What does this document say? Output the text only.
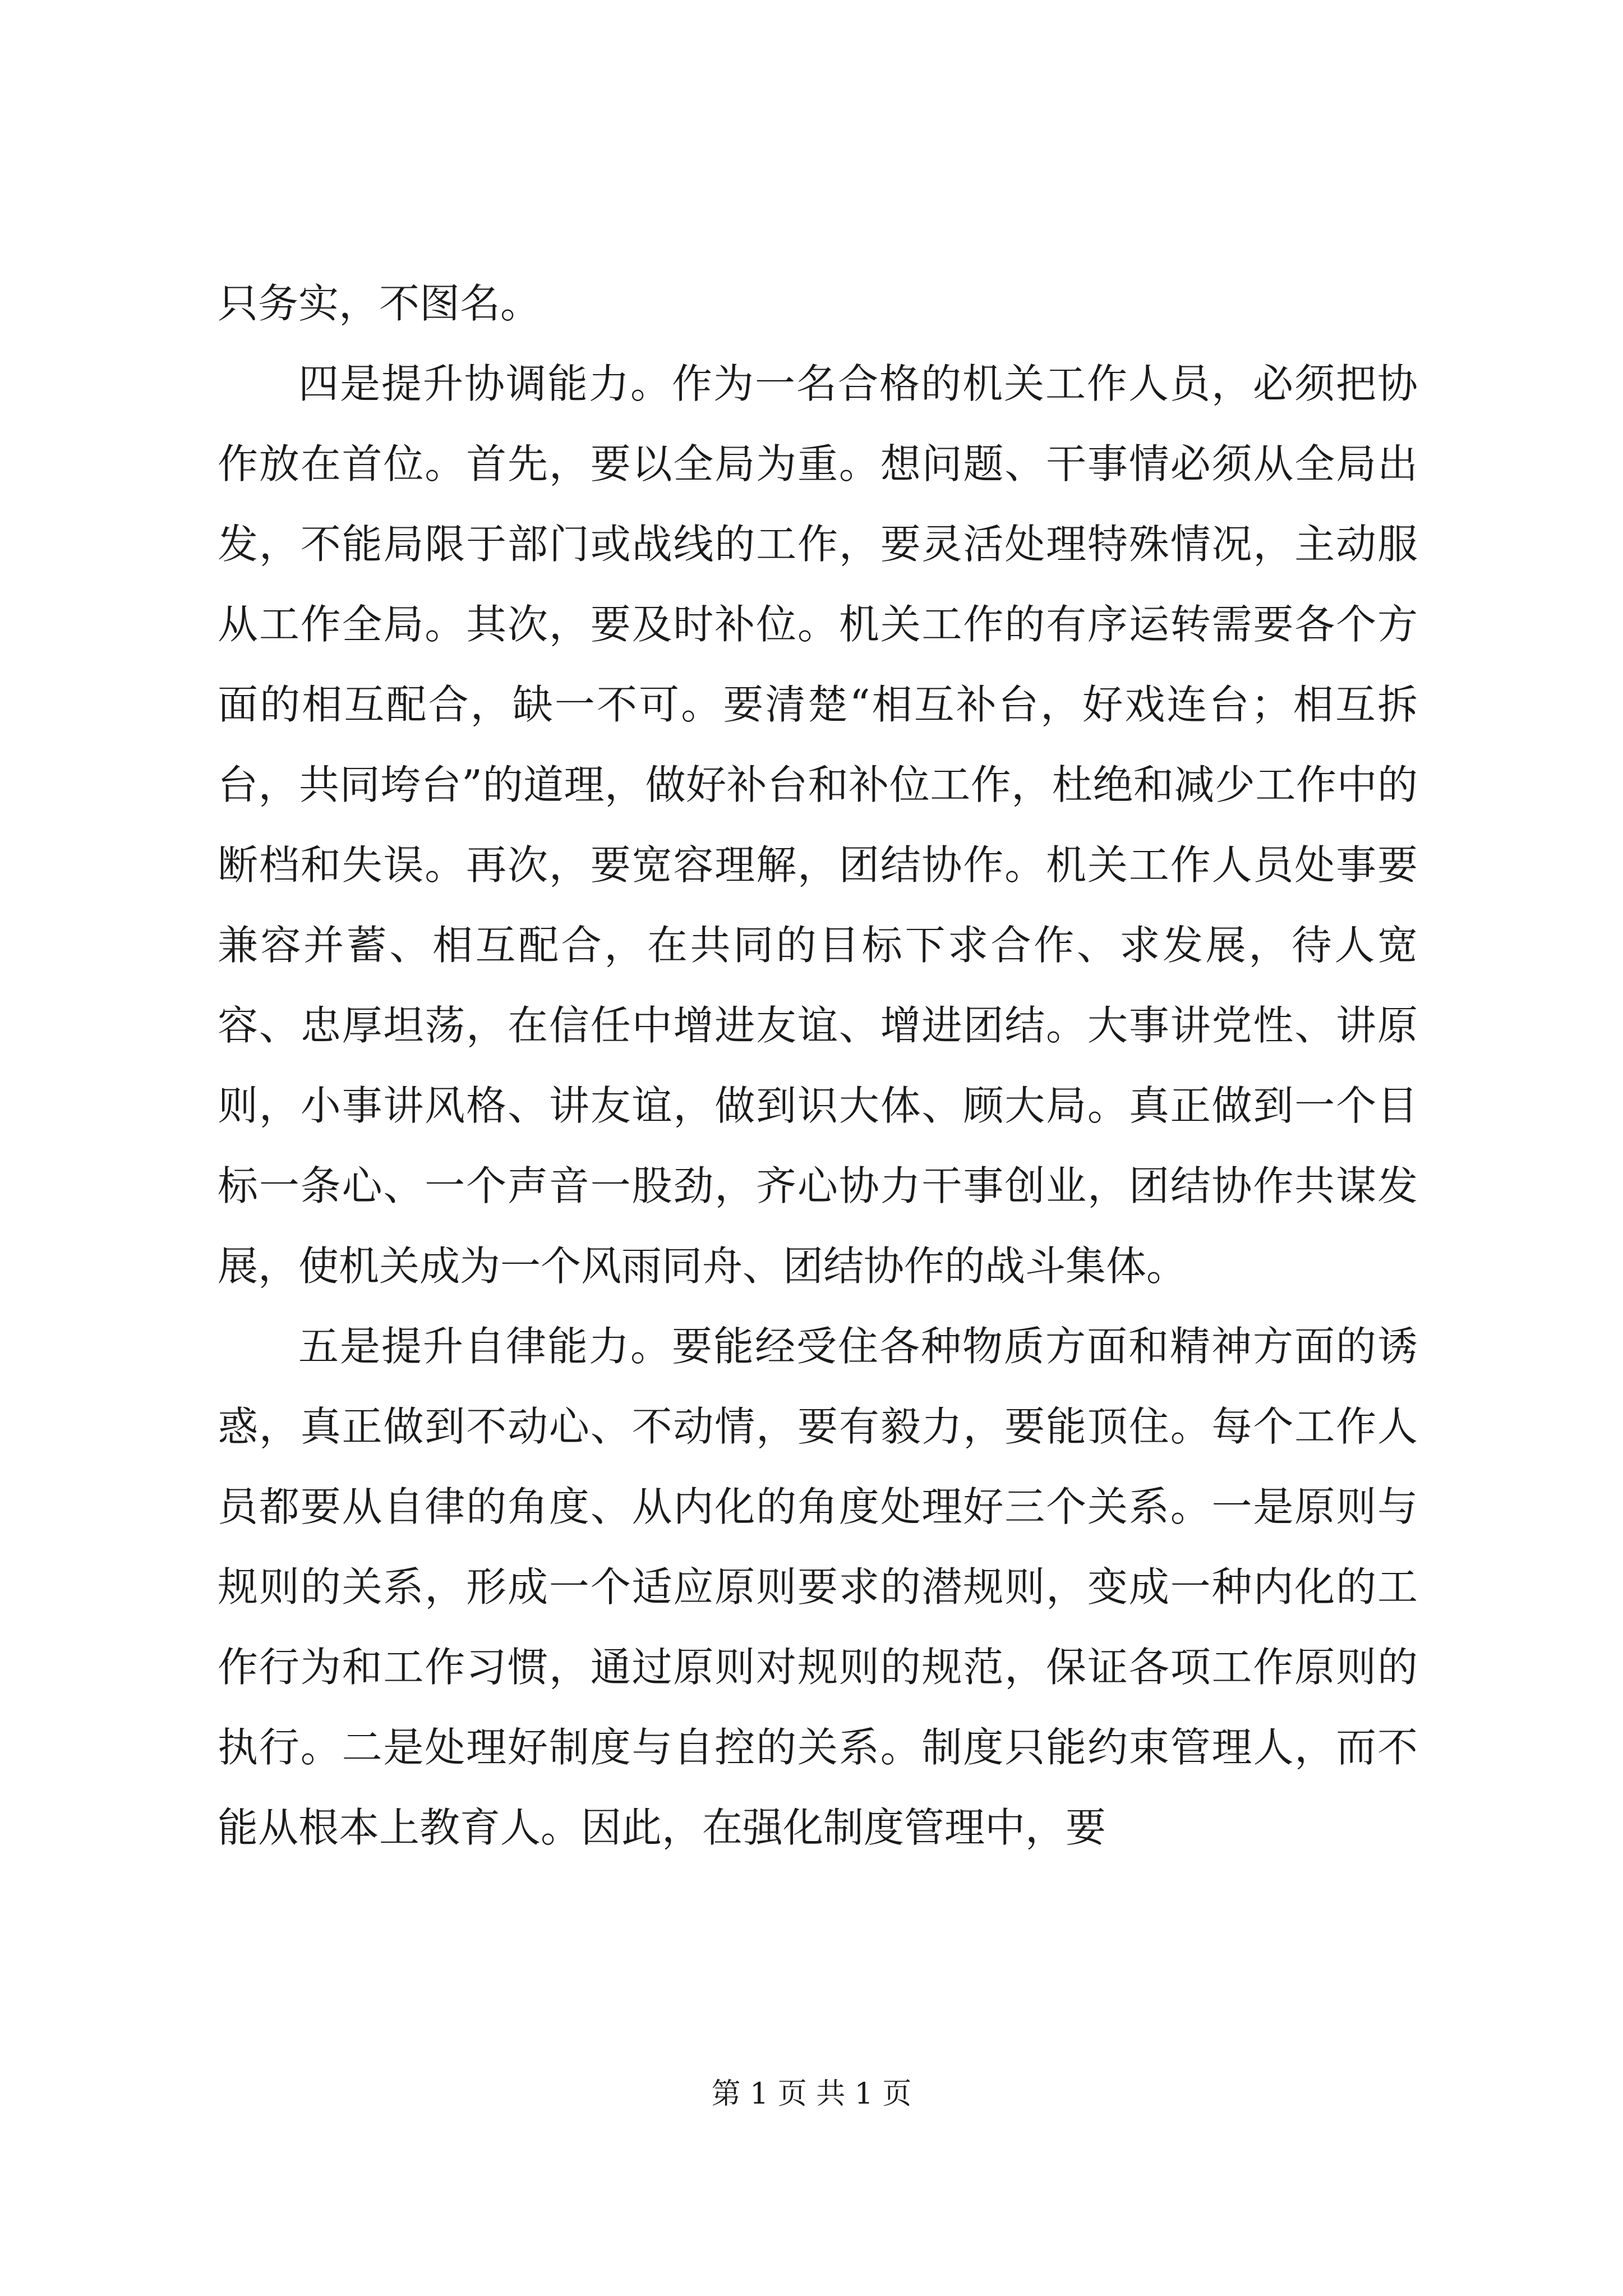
只务实，不图名。

四是提升协调能力。作为一名合格的机关工作人员，必须把协作放在首位。首先，要以全局为重。想问题、干事情必须从全局出发，不能局限于部门或战线的工作，要灵活处理特殊情况，主动服从工作全局。其次，要及时补位。机关工作的有序运转需要各个方面的相互配合，缺一不可。要清楚“相互补台，好戏连台；相互拆台，共同垮台”的道理，做好补台和补位工作，杜绝和减少工作中的断档和失误。再次，要宽容理解，团结协作。机关工作人员处事要兼容并蓄、相互配合，在共同的目标下求合作、求发展，待人宽容、忠厚坦荡，在信任中增进友谊、增进团结。大事讲党性、讲原则，小事讲风格、讲友谊，做到识大体、顾大局。真正做到一个目标一条心、一个声音一股劲，齐心协力干事创业，团结协作共谋发展，使机关成为一个风雨同舟、团结协作的战斗集体。

五是提升自律能力。要能经受住各种物质方面和精神方面的诱惑，真正做到不动心、不动情，要有毅力，要能顶住。每个工作人员都要从自律的角度、从内化的角度处理好三个关系。一是原则与规则的关系，形成一个适应原则要求的潜规则，变成一种内化的工作行为和工作习惯，通过原则对规则的规范，保证各项工作原则的执行。二是处理好制度与自控的关系。制度只能约束管理人，而不能从根本上教育人。因此，在强化制度管理中，要

第 1 页 共 1 页
